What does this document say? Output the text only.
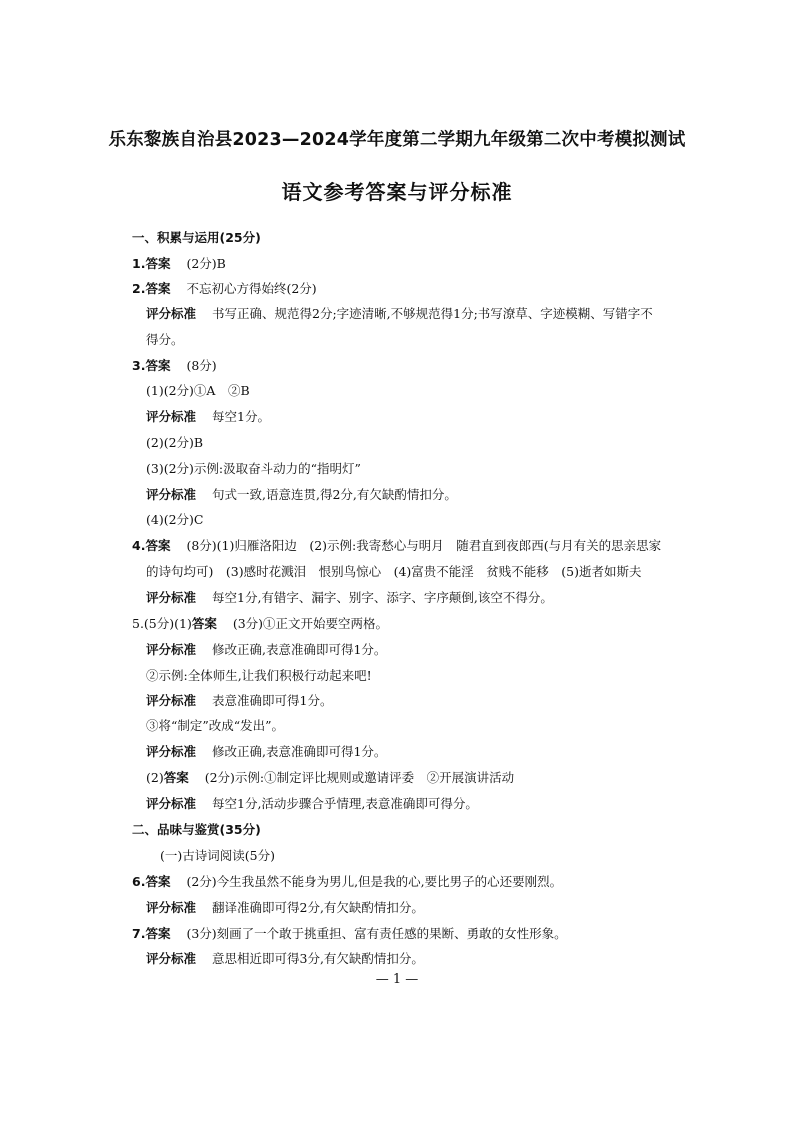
乐东黎族自治县2023—2024学年度第二学期九年级第二次中考模拟测试
语文参考答案与评分标准
一、积累与运用(25分)
1.答案 (2分)B
2.答案 不忘初心方得始终(2分)
评分标准 书写正确、规范得2分;字迹清晰,不够规范得1分;书写潦草、字迹模糊、写错字不
得分。
3.答案 (8分)
(1)(2分)①A　②B
评分标准 每空1分。
(2)(2分)B
(3)(2分)示例:汲取奋斗动力的“指明灯”
评分标准 句式一致,语意连贯,得2分,有欠缺酌情扣分。
(4)(2分)C
4.答案 (8分)(1)归雁洛阳边　(2)示例:我寄愁心与明月　随君直到夜郎西(与月有关的思亲思家
的诗句均可)　(3)感时花溅泪　恨别鸟惊心　(4)富贵不能淫　贫贱不能移　(5)逝者如斯夫
评分标准 每空1分,有错字、漏字、别字、添字、字序颠倒,该空不得分。
5.(5分)(1)答案 (3分)①正文开始要空两格。
评分标准 修改正确,表意准确即可得1分。
②示例:全体师生,让我们积极行动起来吧!
评分标准 表意准确即可得1分。
③将“制定”改成“发出”。
评分标准 修改正确,表意准确即可得1分。
(2)答案 (2分)示例:①制定评比规则或邀请评委　②开展演讲活动
评分标准 每空1分,活动步骤合乎情理,表意准确即可得分。
二、品味与鉴赏(35分)
(一)古诗词阅读(5分)
6.答案 (2分)今生我虽然不能身为男儿,但是我的心,要比男子的心还要刚烈。
评分标准 翻译准确即可得2分,有欠缺酌情扣分。
7.答案 (3分)刻画了一个敢于挑重担、富有责任感的果断、勇敢的女性形象。
评分标准 意思相近即可得3分,有欠缺酌情扣分。
— 1 —
